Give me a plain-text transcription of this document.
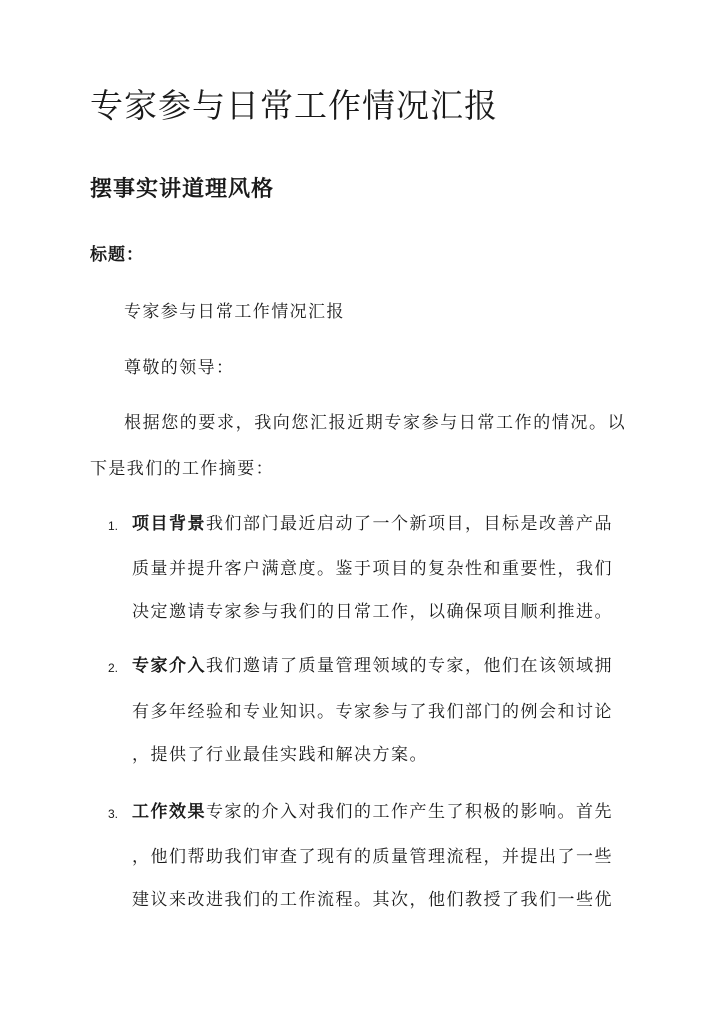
专家参与日常工作情况汇报
摆事实讲道理风格
标题：
专家参与日常工作情况汇报
尊敬的领导：
根据您的要求，我向您汇报近期专家参与日常工作的情况。以
下是我们的工作摘要：
1. 项目背景我们部门最近启动了一个新项目，目标是改善产品
质量并提升客户满意度。鉴于项目的复杂性和重要性，我们
决定邀请专家参与我们的日常工作，以确保项目顺利推进。
2. 专家介入我们邀请了质量管理领域的专家，他们在该领域拥
有多年经验和专业知识。专家参与了我们部门的例会和讨论
，提供了行业最佳实践和解决方案。
3. 工作效果专家的介入对我们的工作产生了积极的影响。首先
，他们帮助我们审查了现有的质量管理流程，并提出了一些
建议来改进我们的工作流程。其次，他们教授了我们一些优
